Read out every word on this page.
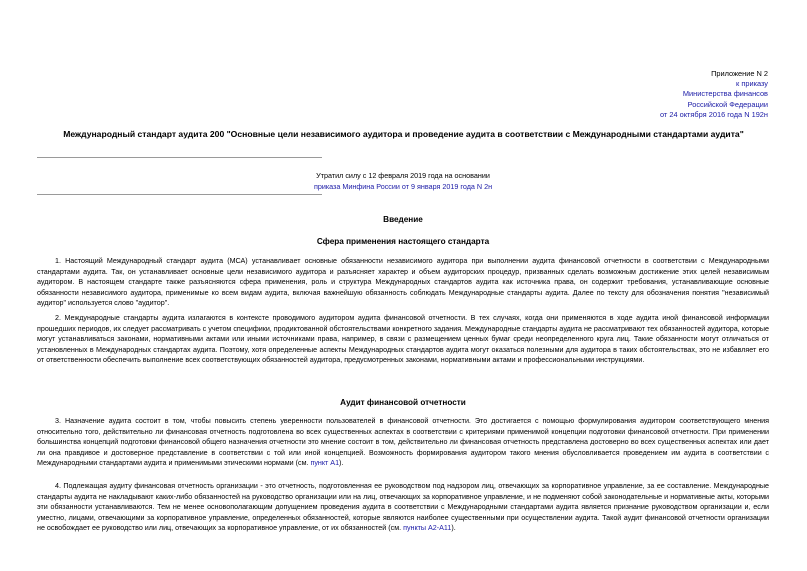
Приложение N 2
к приказу
Министерства финансов
Российской Федерации
от 24 октября 2016 года N 192н
Международный стандарт аудита 200 "Основные цели независимого аудитора и проведение аудита в соответствии с Международными стандартами аудита"
Утратил силу с 12 февраля 2019 года на основании
приказа Минфина России от 9 января 2019 года N 2н
Введение
Сфера применения настоящего стандарта

1. Настоящий Международный стандарт аудита (МСА) устанавливает основные обязанности независимого аудитора при выполнении аудита финансовой отчетности в соответствии с Международными стандартами аудита. Так, он устанавливает основные цели независимого аудитора и разъясняет характер и объем аудиторских процедур, призванных сделать возможным достижение этих целей независимым аудитором. В настоящем стандарте также разъясняются сфера применения, роль и структура Международных стандартов аудита как источника права, он содержит требования, устанавливающие основные обязанности независимого аудитора, применимые ко всем видам аудита, включая важнейшую обязанность соблюдать Международные стандарты аудита. Далее по тексту для обозначения понятия "независимый аудитор" используется слово "аудитор".

2. Международные стандарты аудита излагаются в контексте проводимого аудитором аудита финансовой отчетности. В тех случаях, когда они применяются в ходе аудита иной финансовой информации прошедших периодов, их следует рассматривать с учетом специфики, продиктованной обстоятельствами конкретного задания. Международные стандарты аудита не рассматривают тех обязанностей аудитора, которые могут устанавливаться законами, нормативными актами или иными источниками права, например, в связи с размещением ценных бумаг среди неопределенного круга лиц. Такие обязанности могут отличаться от установленных в Международных стандартах аудита. Поэтому, хотя определенные аспекты Международных стандартов аудита могут оказаться полезными для аудитора в таких обстоятельствах, это не избавляет его от ответственности обеспечить выполнение всех соответствующих обязанностей аудитора, предусмотренных законами, нормативными актами и профессиональными инструкциями.

Аудит финансовой отчетности

3. Назначение аудита состоит в том, чтобы повысить степень уверенности пользователей в финансовой отчетности. Это достигается с помощью формулирования аудитором соответствующего мнения относительно того, действительно ли финансовая отчетность подготовлена во всех существенных аспектах в соответствии с критериями применимой концепции подготовки финансовой отчетности. При применении большинства концепций подготовки финансовой общего назначения отчетности это мнение состоит в том, действительно ли финансовая отчетность представлена достоверно во всех существенных аспектах или дает ли она правдивое и достоверное представление в соответствии с той или иной концепцией. Возможность формирования аудитором такого мнения обусловливается проведением им аудита в соответствии с Международными стандартами аудита и применимыми этическими нормами (см. пункт А1).

4. Подлежащая аудиту финансовая отчетность организации - это отчетность, подготовленная ее руководством под надзором лиц, отвечающих за корпоративное управление, за ее составление. Международные стандарты аудита не накладывают каких-либо обязанностей на руководство организации или на лиц, отвечающих за корпоративное управление, и не подменяют собой законодательные и нормативные акты, которыми эти обязанности устанавливаются. Тем не менее основополагающим допущением проведения аудита в соответствии с Международными стандартами аудита является признание руководством организации и, если уместно, лицами, отвечающими за корпоративное управление, определенных обязанностей, которые являются наиболее существенными при осуществлении аудита. Такой аудит финансовой отчетности организации не освобождает ее руководство или лиц, отвечающих за корпоративное управление, от их обязанностей (см. пункты А2-А11).
